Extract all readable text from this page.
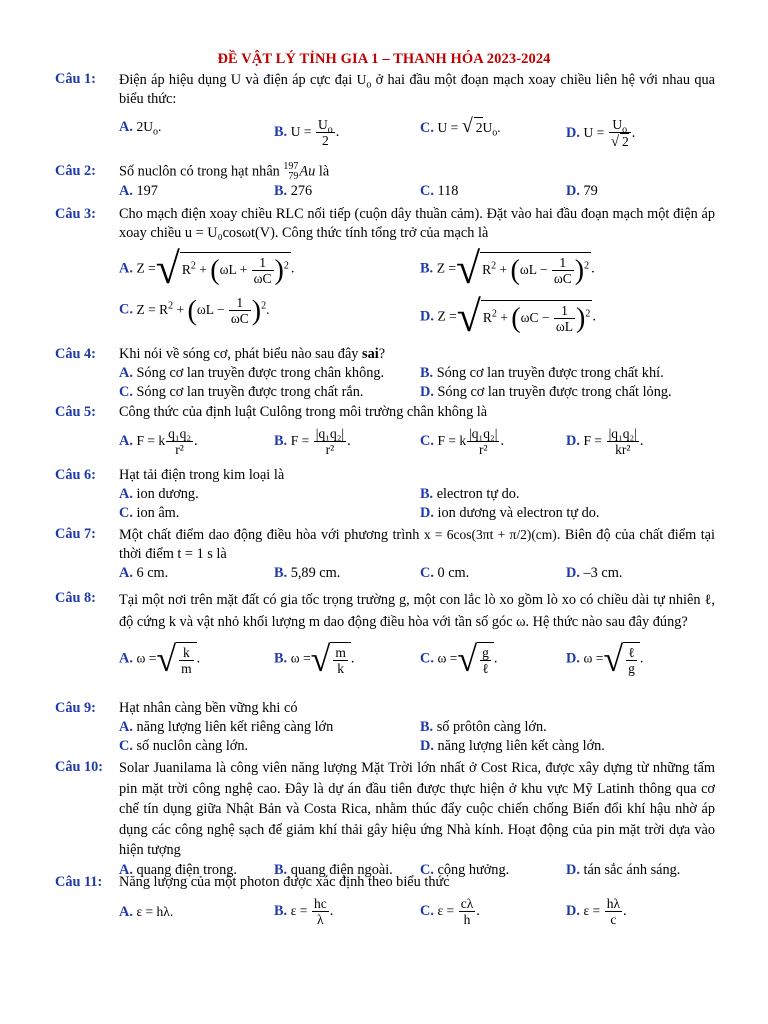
ĐỀ VẬT LÝ TỈNH GIA 1 – THANH HÓA 2023-2024
Câu 1: Điện áp hiệu dụng U và điện áp cực đại $U_o$ ở hai đầu một đoạn mạch xoay chiều liên hệ với nhau qua biểu thức:
A. $2U_o$.	B. $U = \frac{U_o}{2}$ .	C. U = √ $2U_o$.	D. $U = \frac{U_o}{√ 2}$ .
Câu 2: Số nuclôn có trong hạt nhân 197
79 Au là
A. 197	B. 276	C. 118	D. 79
Câu 3: Cho mạch điện xoay chiều RLC nối tiếp (cuộn dây thuần cảm). Đặt vào hai đầu đoạn mạch một điện áp xoay chiều u = U₀cosωt(V). Công thức tính tổng trở của mạch là
A. Z =√ $R^2 + (\omega L + \frac{1}{\omega C} )^2$ .	B. Z =√ $R^2 + (\omega L - \frac{1}{\omega C} )^2$ .
C. $Z = R^2 + (\omega L - \frac{1}{\omega C} )^2$.	D. Z =√ $R^2 + (\omega C - \frac{1}{\omega L} )^2$ .
Câu 4: Khi nói về sóng cơ, phát biểu nào sau đây sai?
A. Sóng cơ lan truyền được trong chân không.	B. Sóng cơ lan truyền được trong chất khí.
C. Sóng cơ lan truyền được trong chất rắn.	D. Sóng cơ lan truyền được trong chất lỏng.
Câu 5: Công thức của định luật Culông trong môi trường chân không là
A. F = k $\frac{\text{q₁q₂}}{\text{r²}}$ .	B. $F = \frac{\text{|q₁q₂|}}{\text{r²}}$ .	C. F = k $\frac{\text{|q₁q₂|}}{\text{r²}}$ .	D. $F = \frac{\text{|q₁q₂|}}{\text{kr²}}$ .
Câu 6: Hạt tải điện trong kim loại là
A. ion dương.	B. electron tự do.
C. ion âm.	D. ion dương và electron tự do.
Câu 7: Một chất điểm dao động điều hòa với phương trình x = 6cos(3πt + π/2)(cm). Biên độ của chất điểm tại thời điểm t = 1 s là
A. 6 cm.	B. 5,89 cm.	C. 0 cm.	D. –3 cm.
Câu 8: Tại một nơi trên mặt đất có gia tốc trọng trường g, một con lắc lò xo gồm lò xo có chiều dài tự nhiên ℓ, độ cứng k và vật nhỏ khối lượng m dao động điều hòa với tần số góc ω. Hệ thức nào sau đây đúng?
A. ω =√ $\frac{k}{m}$ .	B. ω =√ $\frac{m}{k}$ .	C. ω =√ $\frac{g}{\text{ℓ}}$ .	D. ω =√ $\frac{\text{ℓ}}{g}$ .
Câu 9: Hạt nhân càng bền vững khi có
A. năng lượng liên kết riêng càng lớn	B. số prôtôn càng lớn.
C. số nuclôn càng lớn.	D. năng lượng liên kết càng lớn.
Câu 10: Solar Juanilama là công viên năng lượng Mặt Trời lớn nhất ở Cost Rica, được xây dựng từ những tấm pin mặt trời công nghệ cao. Đây là dự án đầu tiên được thực hiện ở khu vực Mỹ Latinh thông qua cơ chế tín dụng giữa Nhật Bản và Costa Rica, nhằm thúc đẩy cuộc chiến chống Biến đổi khí hậu nhờ áp dụng các công nghệ sạch để giảm khí thải gây hiệu ứng Nhà kính. Hoạt động của pin mặt trời dựa vào hiện tượng
A. quang điện trong.	B. quang điện ngoài. C. cộng hưởng.	D. tán sắc ánh sáng.
Câu 11: Năng lượng của một photon được xác định theo biểu thức
A. ε = hλ.	B. $\varepsilon = \frac{hc}{\lambda}$ .	C. $\varepsilon = \frac{c\lambda}{h}$ .	D. $\varepsilon = \frac{h\lambda}{c}$ .
